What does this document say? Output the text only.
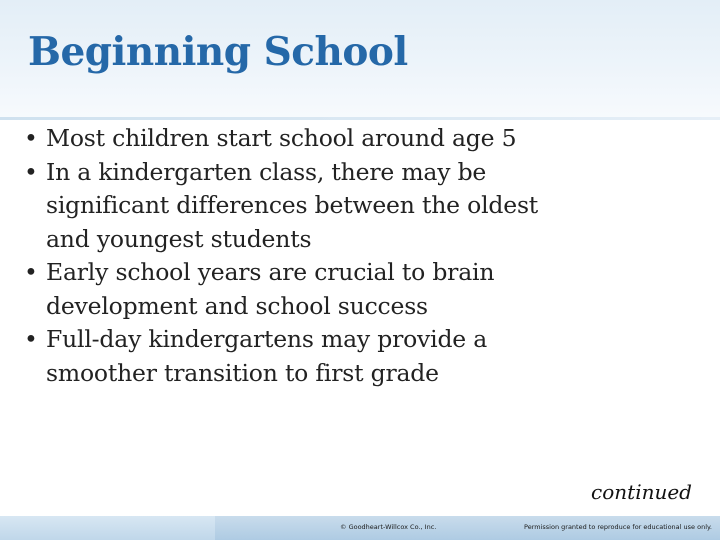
Beginning School
• Most children start school around age 5
• In a kindergarten class, there may be
significant differences between the oldest
and youngest students
• Early school years are crucial to brain
development and school success
• Full-day kindergartens may provide a
smoother transition to first grade
continued
© Goodheart-Willcox Co., Inc.	Permission granted to reproduce for educational use only.
